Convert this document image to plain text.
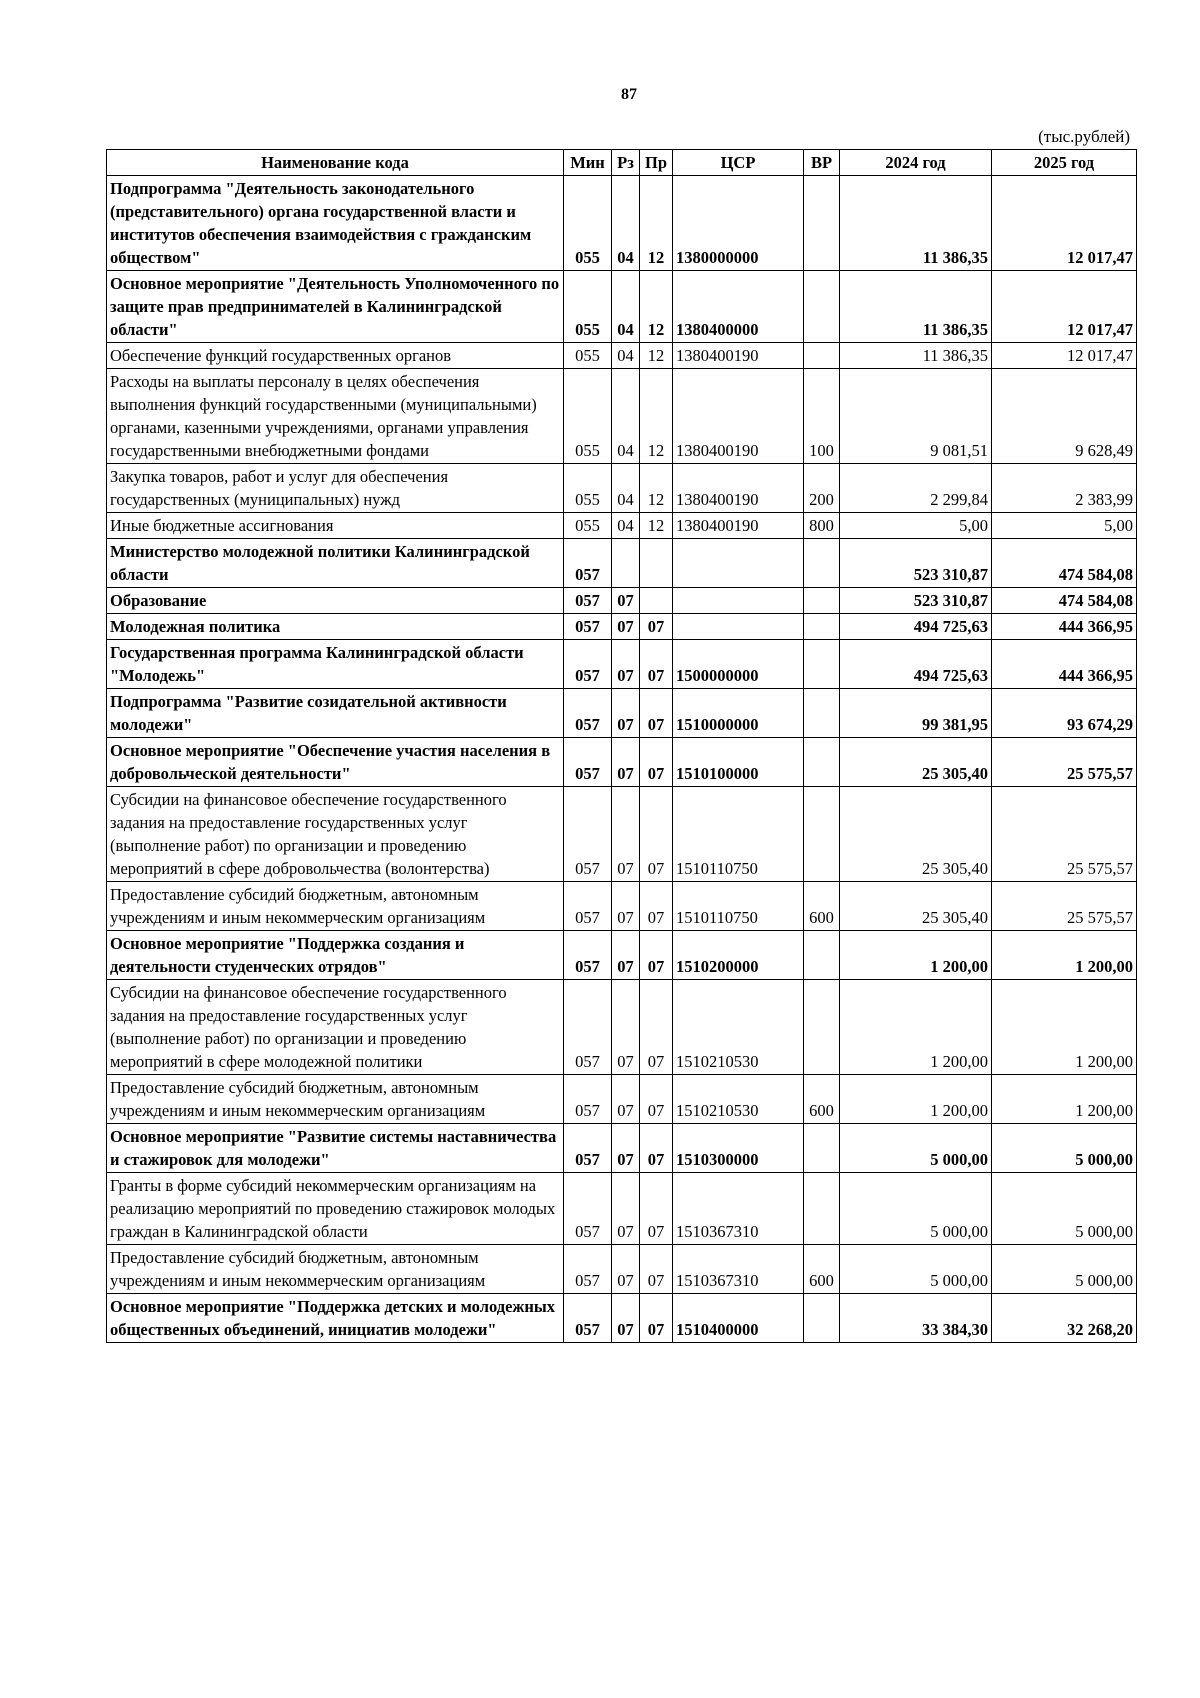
87
(тыс.рублей)
Наименование кода	Мин	Рз	Пр	ЦСР	ВР	2024 год	2025 год
Подпрограмма "Деятельность законодательного (представительного) органа государственной власти и институтов обеспечения взаимодействия с гражданским обществом"	055	04	12	1380000000		11 386,35	12 017,47
Основное мероприятие "Деятельность Уполномоченного по защите прав предпринимателей в Калининградской области"	055	04	12	1380400000		11 386,35	12 017,47
Обеспечение функций государственных органов	055	04	12	1380400190		11 386,35	12 017,47
Расходы на выплаты персоналу в целях обеспечения выполнения функций государственными (муниципальными) органами, казенными учреждениями, органами управления государственными внебюджетными фондами	055	04	12	1380400190	100	9 081,51	9 628,49
Закупка товаров, работ и услуг для обеспечения государственных (муниципальных) нужд	055	04	12	1380400190	200	2 299,84	2 383,99
Иные бюджетные ассигнования	055	04	12	1380400190	800	5,00	5,00
Министерство молодежной политики Калининградской области	057					523 310,87	474 584,08
Образование	057	07				523 310,87	474 584,08
Молодежная политика	057	07	07			494 725,63	444 366,95
Государственная программа Калининградской области "Молодежь"	057	07	07	1500000000		494 725,63	444 366,95
Подпрограмма "Развитие созидательной активности молодежи"	057	07	07	1510000000		99 381,95	93 674,29
Основное мероприятие "Обеспечение участия населения в добровольческой деятельности"	057	07	07	1510100000		25 305,40	25 575,57
Субсидии на финансовое обеспечение государственного задания на предоставление государственных услуг (выполнение работ) по организации и проведению мероприятий в сфере добровольчества (волонтерства)	057	07	07	1510110750		25 305,40	25 575,57
Предоставление субсидий бюджетным, автономным учреждениям и иным некоммерческим организациям	057	07	07	1510110750	600	25 305,40	25 575,57
Основное мероприятие "Поддержка создания и деятельности студенческих отрядов"	057	07	07	1510200000		1 200,00	1 200,00
Субсидии на финансовое обеспечение государственного задания на предоставление государственных услуг (выполнение работ) по организации и проведению мероприятий в сфере молодежной политики	057	07	07	1510210530		1 200,00	1 200,00
Предоставление субсидий бюджетным, автономным учреждениям и иным некоммерческим организациям	057	07	07	1510210530	600	1 200,00	1 200,00
Основное мероприятие "Развитие системы наставничества и стажировок для молодежи"	057	07	07	1510300000		5 000,00	5 000,00
Гранты в форме субсидий некоммерческим организациям на реализацию мероприятий по проведению стажировок молодых граждан в Калининградской области	057	07	07	1510367310		5 000,00	5 000,00
Предоставление субсидий бюджетным, автономным учреждениям и иным некоммерческим организациям	057	07	07	1510367310	600	5 000,00	5 000,00
Основное мероприятие "Поддержка детских и молодежных общественных объединений, инициатив молодежи"	057	07	07	1510400000		33 384,30	32 268,20
